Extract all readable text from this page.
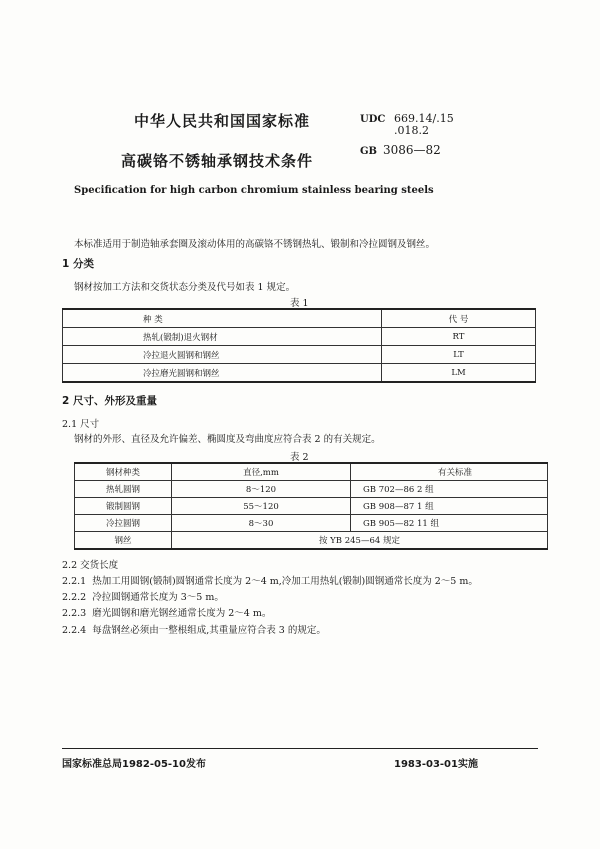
中华人民共和国国家标准	UDC 669.14/.15
.018.2
GB 3086—82
高碳铬不锈轴承钢技术条件
Specification for high carbon chromium stainless bearing steels
本标准适用于制造轴承套圈及滚动体用的高碳铬不锈钢热轧、锻制和冷拉圆钢及钢丝。
1 分类
钢材按加工方法和交货状态分类及代号如表 1 规定。
表 1
种 类	代 号
热轧(锻制)退火钢材	RT
冷拉退火圆钢和钢丝	LT
冷拉磨光圆钢和钢丝	LM
2 尺寸、外形及重量
2.1 尺寸
钢材的外形、直径及允许偏差、椭圆度及弯曲度应符合表 2 的有关规定。
表 2
钢材种类	直径,mm	有关标准
热轧圆钢	8～120	GB 702—86 2 组
锻制圆钢	55～120	GB 908—87 1 组
冷拉圆钢	8～30	GB 905—82 11 组
钢丝	按 YB 245—64 规定	
2.2 交货长度
2.2.1 热加工用圆钢(锻制)圆钢通常长度为 2～4 m,冷加工用热轧(锻制)圆钢通常长度为 2～5 m。
2.2.2 冷拉圆钢通常长度为 3～5 m。
2.2.3 磨光圆钢和磨光钢丝通常长度为 2～4 m。
2.2.4 每盘钢丝必须由一整根组成,其重量应符合表 3 的规定。
国家标准总局1982-05-10发布	1983-03-01实施
